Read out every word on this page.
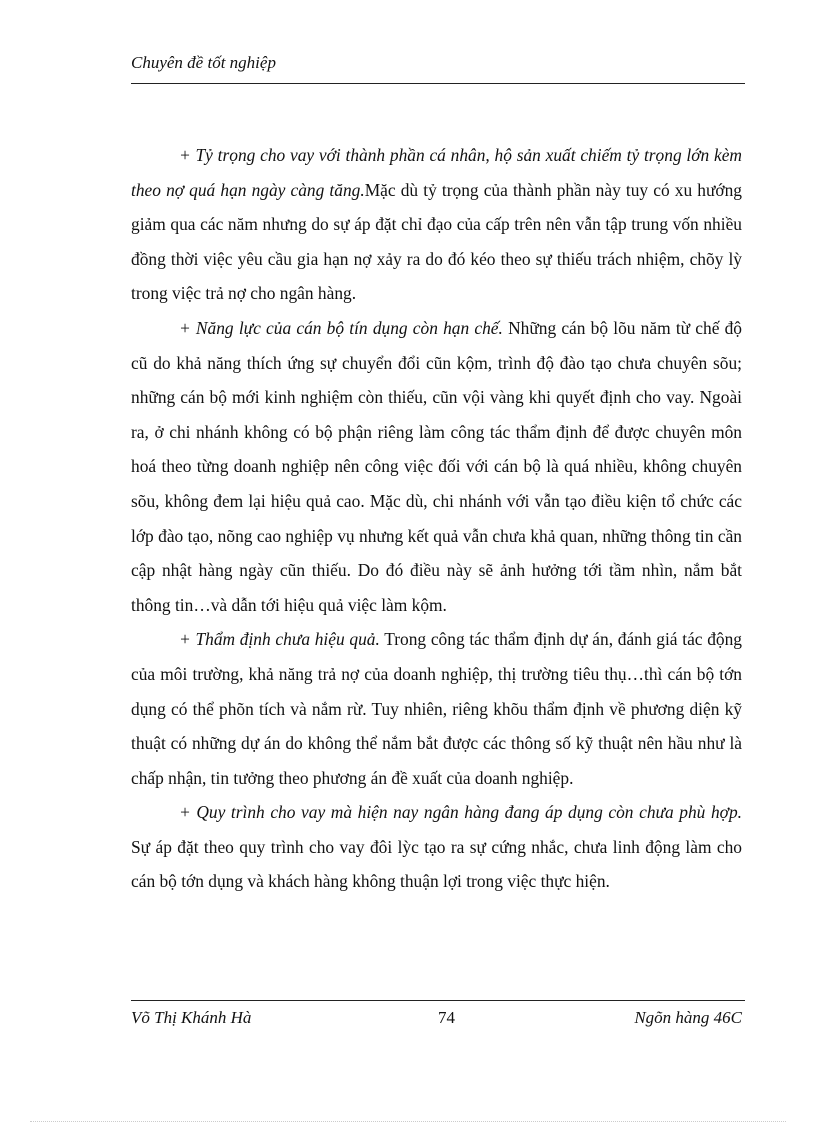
Chuyên đề tốt nghiệp

+ Tỷ trọng cho vay với thành phần cá nhân, hộ sản xuất chiếm tỷ trọng lớn kèm theo nợ quá hạn ngày càng tăng.Mặc dù tỷ trọng của thành phần này tuy có xu hướng giảm qua các năm nhưng do sự áp đặt chỉ đạo của cấp trên nên vẫn tập trung vốn nhiều đồng thời việc yêu cầu gia hạn nợ xảy ra do đó kéo theo sự thiếu trách nhiệm, chõy lỳ trong việc trả nợ cho ngân hàng.

+ Năng lực của cán bộ tín dụng còn hạn chế. Những cán bộ lõu năm từ chế độ cũ do khả năng thích ứng sự chuyển đổi cũn kộm, trình độ đào tạo chưa chuyên sõu; những cán bộ mới kinh nghiệm còn thiếu, cũn vội vàng khi quyết định cho vay. Ngoài ra, ở chi nhánh không có bộ phận riêng làm công tác thẩm định để được chuyên môn hoá theo từng doanh nghiệp nên công việc đối với cán bộ là quá nhiều, không chuyên sõu, không đem lại hiệu quả cao. Mặc dù, chi nhánh với vẫn tạo điều kiện tổ chức các lớp đào tạo, nõng cao nghiệp vụ nhưng kết quả vẫn chưa khả quan, những thông tin cần cập nhật hàng ngày cũn thiếu. Do đó điều này sẽ ảnh hưởng tới tầm nhìn, nắm bắt thông tin…và dẫn tới hiệu quả việc làm kộm.

+ Thẩm định chưa hiệu quả. Trong công tác thẩm định dự án, đánh giá tác động của môi trường, khả năng trả nợ của doanh nghiệp, thị trường tiêu thụ…thì cán bộ tớn dụng có thể phõn tích và nắm rừ. Tuy nhiên, riêng khõu thẩm định về phương diện kỹ thuật có những dự án do không thể nắm bắt được các thông số kỹ thuật nên hầu như là chấp nhận, tin tưởng theo phương án đề xuất của doanh nghiệp.

+ Quy trình cho vay mà hiện nay ngân hàng đang áp dụng còn chưa phù hợp. Sự áp đặt theo quy trình cho vay đôi lỳc tạo ra sự cứng nhắc, chưa linh động làm cho cán bộ tớn dụng và khách hàng không thuận lợi trong việc thực hiện.

Võ Thị Khánh Hà	74	Ngõn hàng 46C
